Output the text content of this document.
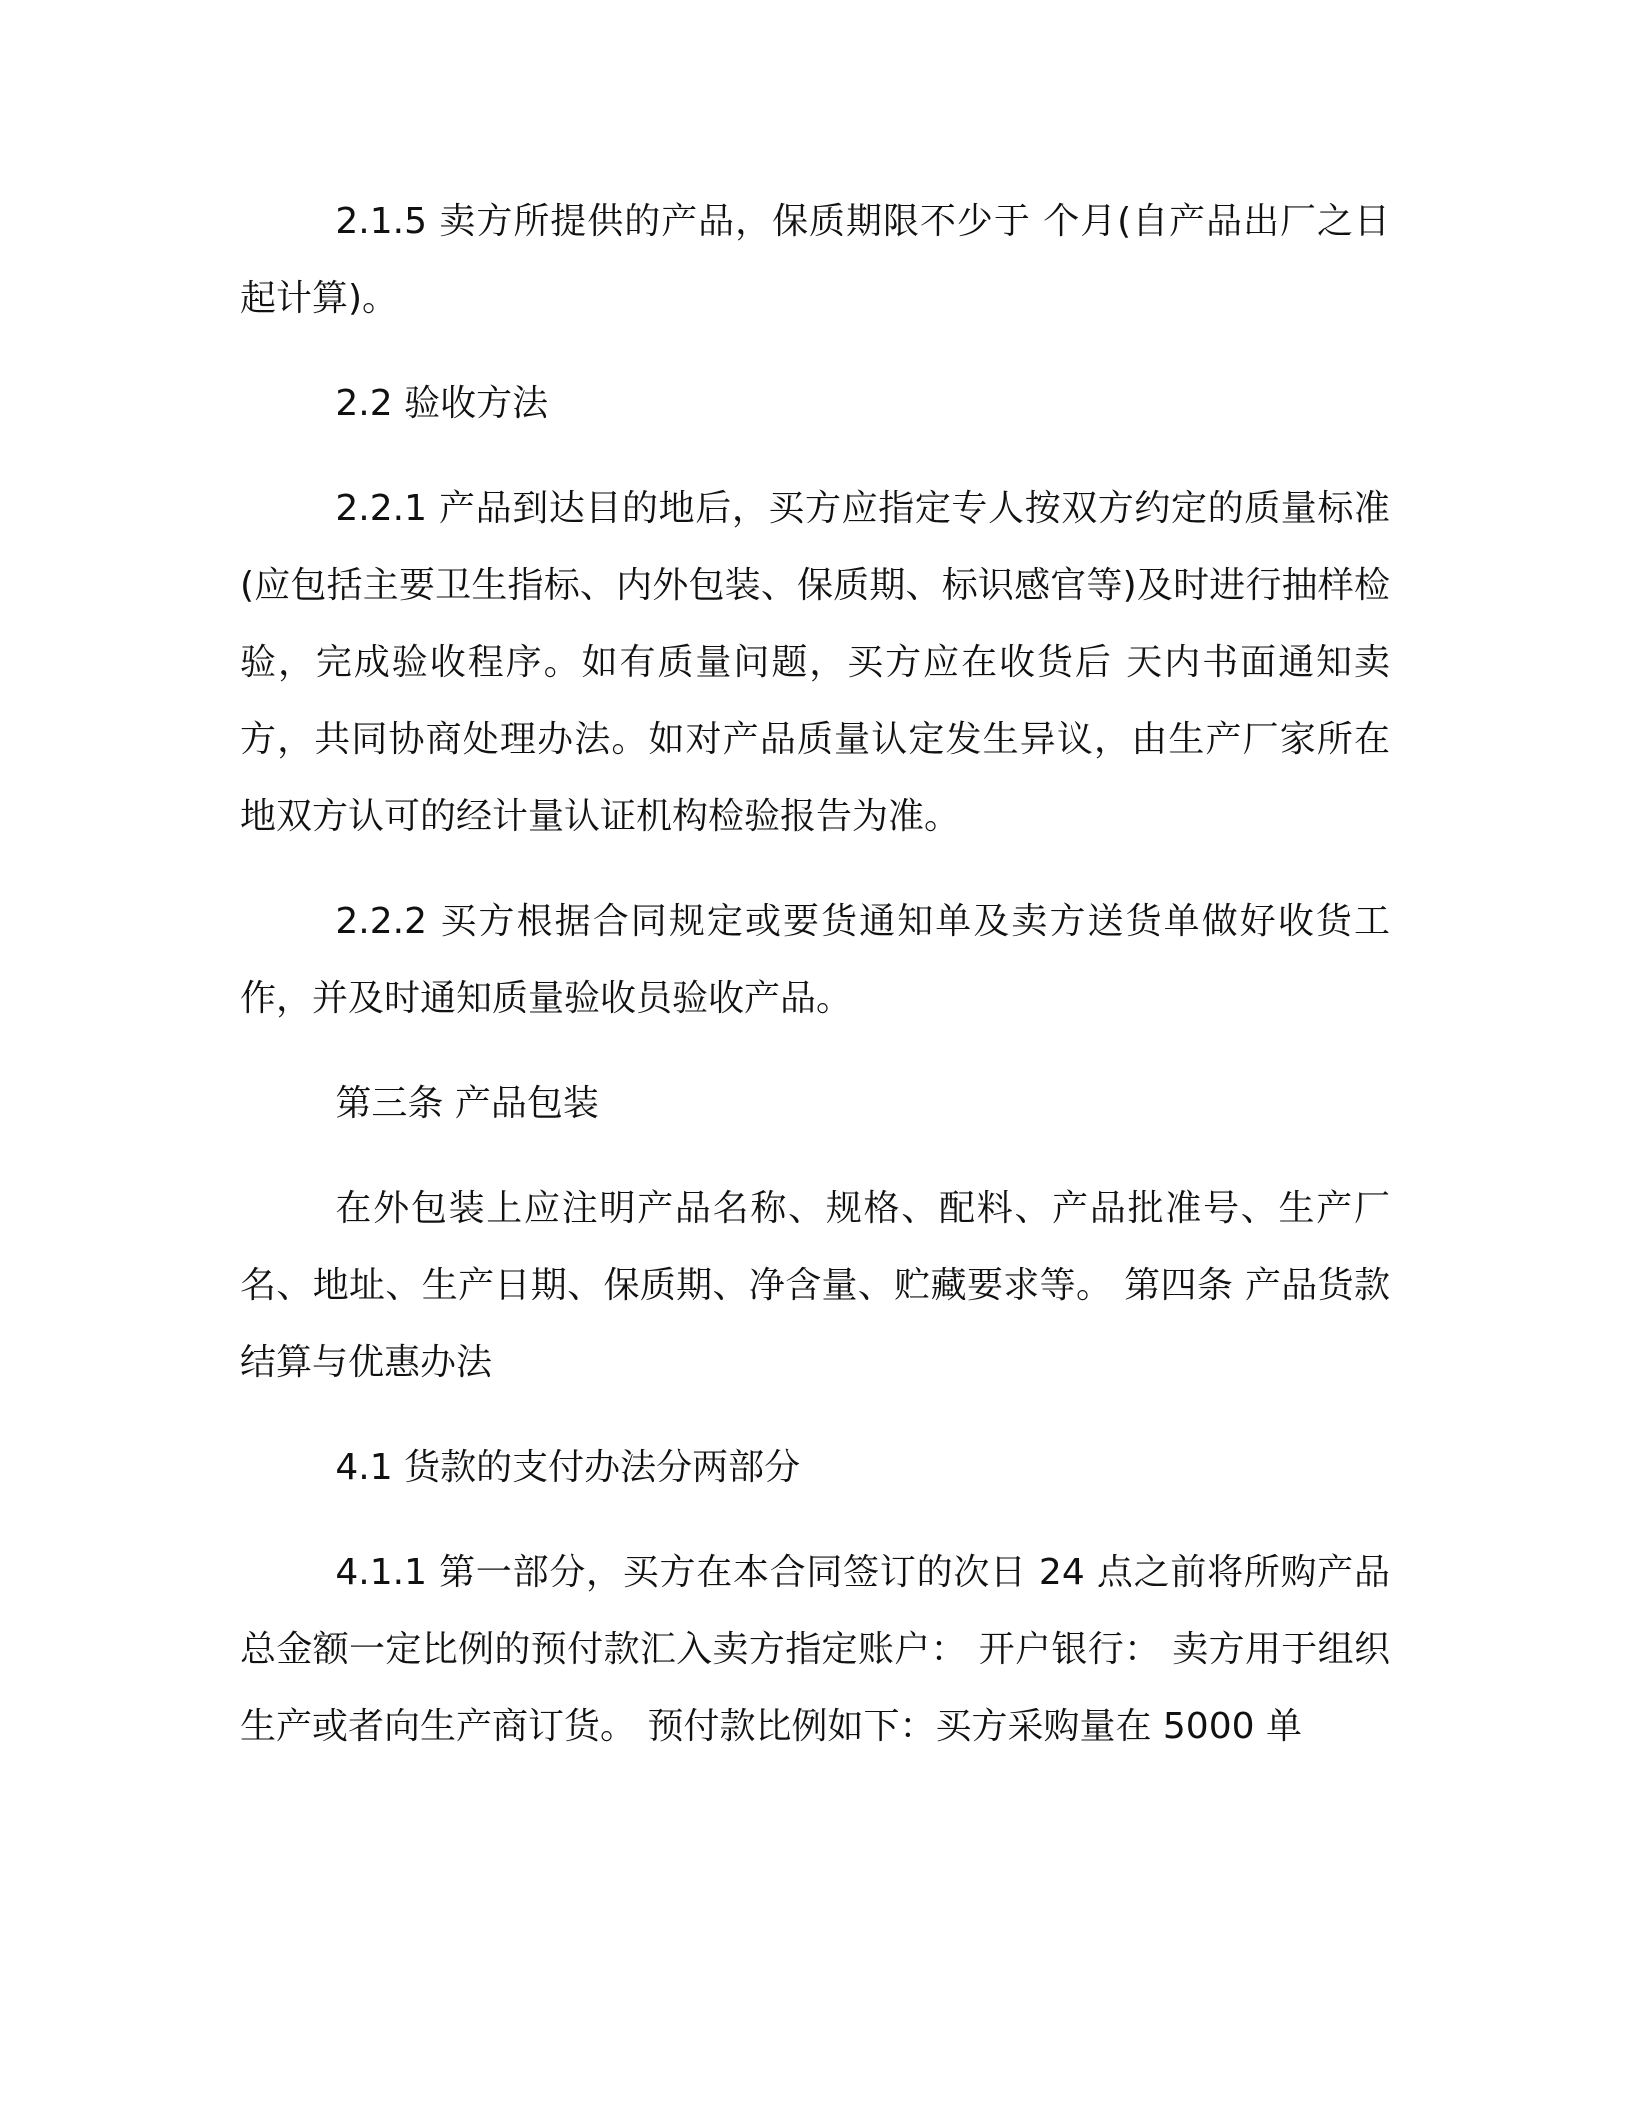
2.1.5 卖方所提供的产品，保质期限不少于 个月(自产品出厂之日起计算)。

2.2 验收方法

2.2.1 产品到达目的地后，买方应指定专人按双方约定的质量标准(应包括主要卫生指标、内外包装、保质期、标识感官等)及时进行抽样检验，完成验收程序。如有质量问题，买方应在收货后 天内书面通知卖方，共同协商处理办法。如对产品质量认定发生异议，由生产厂家所在地双方认可的经计量认证机构检验报告为准。

2.2.2 买方根据合同规定或要货通知单及卖方送货单做好收货工作，并及时通知质量验收员验收产品。

第三条 产品包装

在外包装上应注明产品名称、规格、配料、产品批准号、生产厂名、地址、生产日期、保质期、净含量、贮藏要求等。 第四条 产品货款结算与优惠办法

4.1 货款的支付办法分两部分

4.1.1 第一部分，买方在本合同签订的次日 24 点之前将所购产品总金额一定比例的预付款汇入卖方指定账户： 开户银行： 卖方用于组织生产或者向生产商订货。 预付款比例如下：买方采购量在 5000 单
